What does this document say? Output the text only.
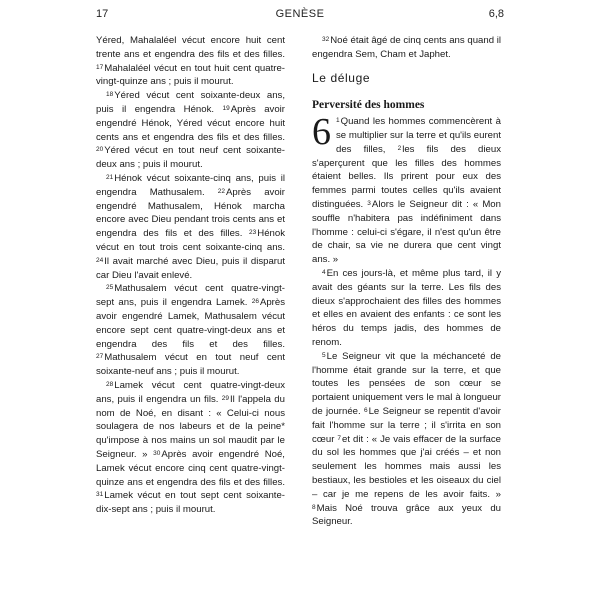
17	GENÈSE	6,8

Yéred, Mahalaléel vécut encore huit cent trente ans et engendra des fils et des filles. $^{17}$Mahalaléel vécut en tout huit cent quatre-vingt-quinze ans ; puis il mourut.

$^{18}$Yéred vécut cent soixante-deux ans, puis il engendra Hénok. $^{19}$Après avoir engendré Hénok, Yéred vécut encore huit cents ans et engendra des fils et des filles. $^{20}$Yéred vécut en tout neuf cent soixante-deux ans ; puis il mourut.

$^{21}$Hénok vécut soixante-cinq ans, puis il engendra Mathusalem. $^{22}$Après avoir engendré Mathusalem, Hénok marcha encore avec Dieu pendant trois cents ans et engendra des fils et des filles. $^{23}$Hénok vécut en tout trois cent soixante-cinq ans. $^{24}$Il avait marché avec Dieu, puis il disparut car Dieu l'avait enlevé.

$^{25}$Mathusalem vécut cent quatre-vingt-sept ans, puis il engendra Lamek. $^{26}$Après avoir engendré Lamek, Mathusalem vécut encore sept cent quatre-vingt-deux ans et engendra des fils et des filles. $^{27}$Mathusalem vécut en tout neuf cent soixante-neuf ans ; puis il mourut.

$^{28}$Lamek vécut cent quatre-vingt-deux ans, puis il engendra un fils. $^{29}$Il l'appela du nom de Noé, en disant : « Celui-ci nous soulagera de nos labeurs et de la peine* qu'impose à nos mains un sol maudit par le Seigneur. » $^{30}$Après avoir engendré Noé, Lamek vécut encore cinq cent quatre-vingt-quinze ans et engendra des fils et des filles. $^{31}$Lamek vécut en tout sept cent soixante-dix-sept ans ; puis il mourut.

$^{32}$Noé était âgé de cinq cents ans quand il engendra Sem, Cham et Japhet.

Le déluge
Perversité des hommes

6 $^1$Quand les hommes commencèrent à se multiplier sur la terre et qu'ils eurent des filles, $^2$les fils des dieux s'aperçurent que les filles des hommes étaient belles. Ils prirent pour eux des femmes parmi toutes celles qu'ils avaient distinguées. $^3$Alors le Seigneur dit : « Mon souffle n'habitera pas indéfiniment dans l'homme : celui-ci s'égare, il n'est qu'un être de chair, sa vie ne durera que cent vingt ans. »

$^4$En ces jours-là, et même plus tard, il y avait des géants sur la terre. Les fils des dieux s'approchaient des filles des hommes et elles en avaient des enfants : ce sont les héros du temps jadis, des hommes de renom.

$^5$Le Seigneur vit que la méchanceté de l'homme était grande sur la terre, et que toutes les pensées de son cœur se portaient uniquement vers le mal à longueur de journée. $^6$Le Seigneur se repentit d'avoir fait l'homme sur la terre ; il s'irrita en son cœur $^7$et dit : « Je vais effacer de la surface du sol les hommes que j'ai créés – et non seulement les hommes mais aussi les bestiaux, les bestioles et les oiseaux du ciel – car je me repens de les avoir faits. » $^8$Mais Noé trouva grâce aux yeux du Seigneur.
